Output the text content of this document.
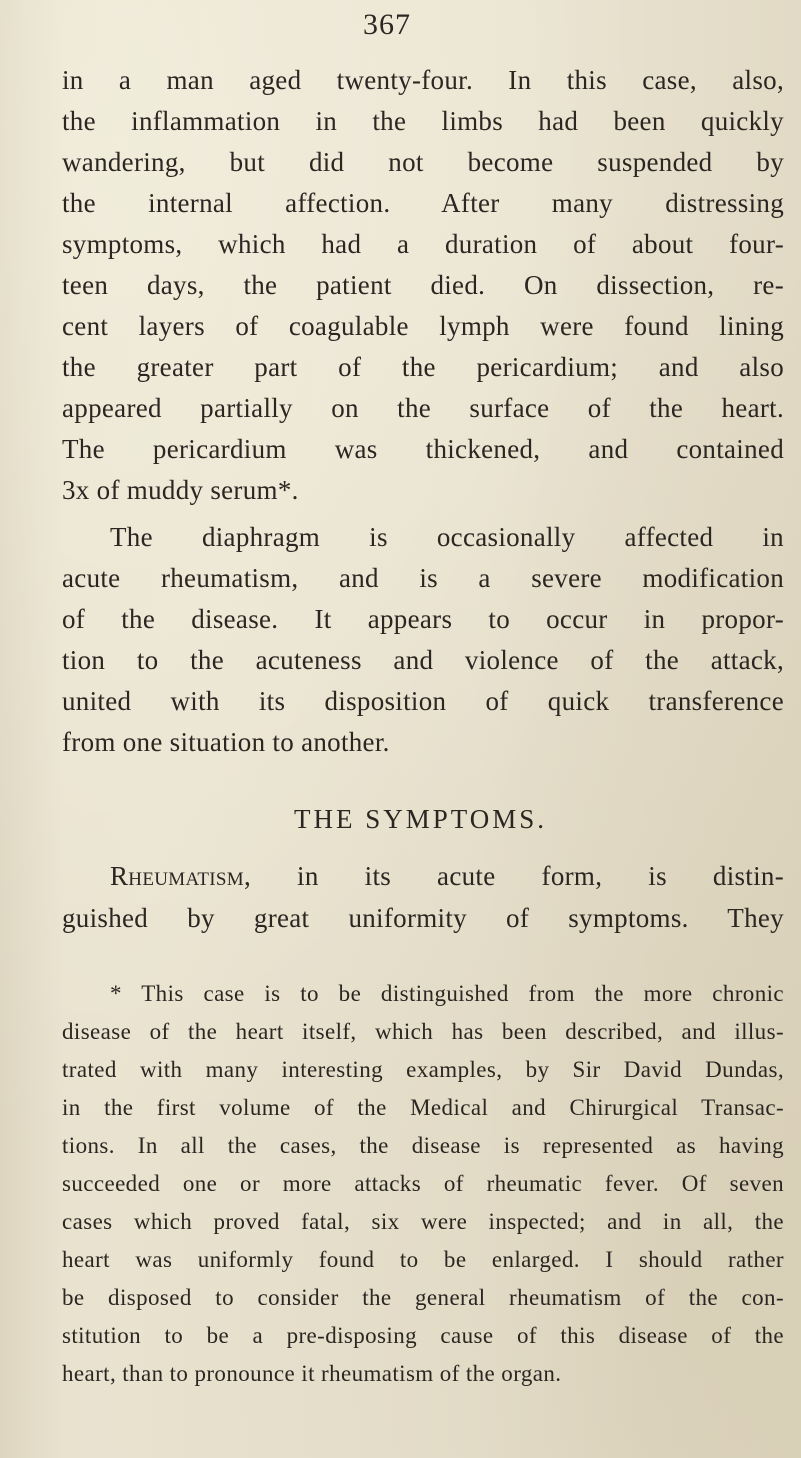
367
in a man aged twenty-four. In this case, also,
the inflammation in the limbs had been quickly
wandering, but did not become suspended by
the internal affection. After many distressing
symptoms, which had a duration of about four-
teen days, the patient died. On dissection, re-
cent layers of coagulable lymph were found lining
the greater part of the pericardium; and also
appeared partially on the surface of the heart.
The pericardium was thickened, and contained
3x of muddy serum*.
The diaphragm is occasionally affected in
acute rheumatism, and is a severe modification
of the disease. It appears to occur in propor-
tion to the acuteness and violence of the attack,
united with its disposition of quick transference
from one situation to another.
THE SYMPTOMS.
Rheumatism, in its acute form, is distin-
guished by great uniformity of symptoms. They
* This case is to be distinguished from the more chronic
disease of the heart itself, which has been described, and illus-
trated with many interesting examples, by Sir David Dundas,
in the first volume of the Medical and Chirurgical Transac-
tions. In all the cases, the disease is represented as having
succeeded one or more attacks of rheumatic fever. Of seven
cases which proved fatal, six were inspected; and in all, the
heart was uniformly found to be enlarged. I should rather
be disposed to consider the general rheumatism of the con-
stitution to be a pre-disposing cause of this disease of the
heart, than to pronounce it rheumatism of the organ.
